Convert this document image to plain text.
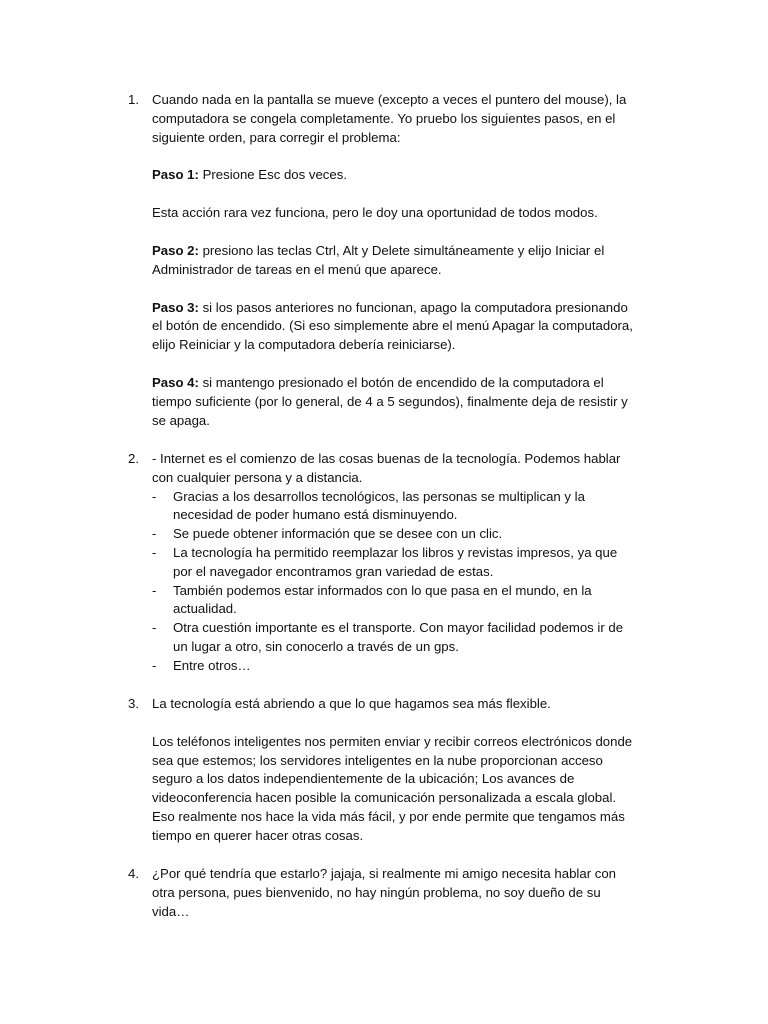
1. Cuando nada en la pantalla se mueve (excepto a veces el puntero del mouse), la computadora se congela completamente. Yo pruebo los siguientes pasos, en el siguiente orden, para corregir el problema:

Paso 1: Presione Esc dos veces.

Esta acción rara vez funciona, pero le doy una oportunidad de todos modos.

Paso 2: presiono las teclas Ctrl, Alt y Delete simultáneamente y elijo Iniciar el Administrador de tareas en el menú que aparece.

Paso 3: si los pasos anteriores no funcionan, apago la computadora presionando el botón de encendido. (Si eso simplemente abre el menú Apagar la computadora, elijo Reiniciar y la computadora debería reiniciarse).

Paso 4: si mantengo presionado el botón de encendido de la computadora el tiempo suficiente (por lo general, de 4 a 5 segundos), finalmente deja de resistir y se apaga.

2. - Internet es el comienzo de las cosas buenas de la tecnología. Podemos hablar con cualquier persona y a distancia.

- Gracias a los desarrollos tecnológicos, las personas se multiplican y la necesidad de poder humano está disminuyendo.
- Se puede obtener información que se desee con un clic.
- La tecnología ha permitido reemplazar los libros y revistas impresos, ya que por el navegador encontramos gran variedad de estas.
- También podemos estar informados con lo que pasa en el mundo, en la actualidad.
- Otra cuestión importante es el transporte. Con mayor facilidad podemos ir de un lugar a otro, sin conocerlo a través de un gps.
- Entre otros…
3. La tecnología está abriendo a que lo que hagamos sea más flexible.

Los teléfonos inteligentes nos permiten enviar y recibir correos electrónicos donde sea que estemos; los servidores inteligentes en la nube proporcionan acceso seguro a los datos independientemente de la ubicación; Los avances de videoconferencia hacen posible la comunicación personalizada a escala global. Eso realmente nos hace la vida más fácil, y por ende permite que tengamos más tiempo en querer hacer otras cosas.

4. ¿Por qué tendría que estarlo? jajaja, si realmente mi amigo necesita hablar con otra persona, pues bienvenido, no hay ningún problema, no soy dueño de su vida…
